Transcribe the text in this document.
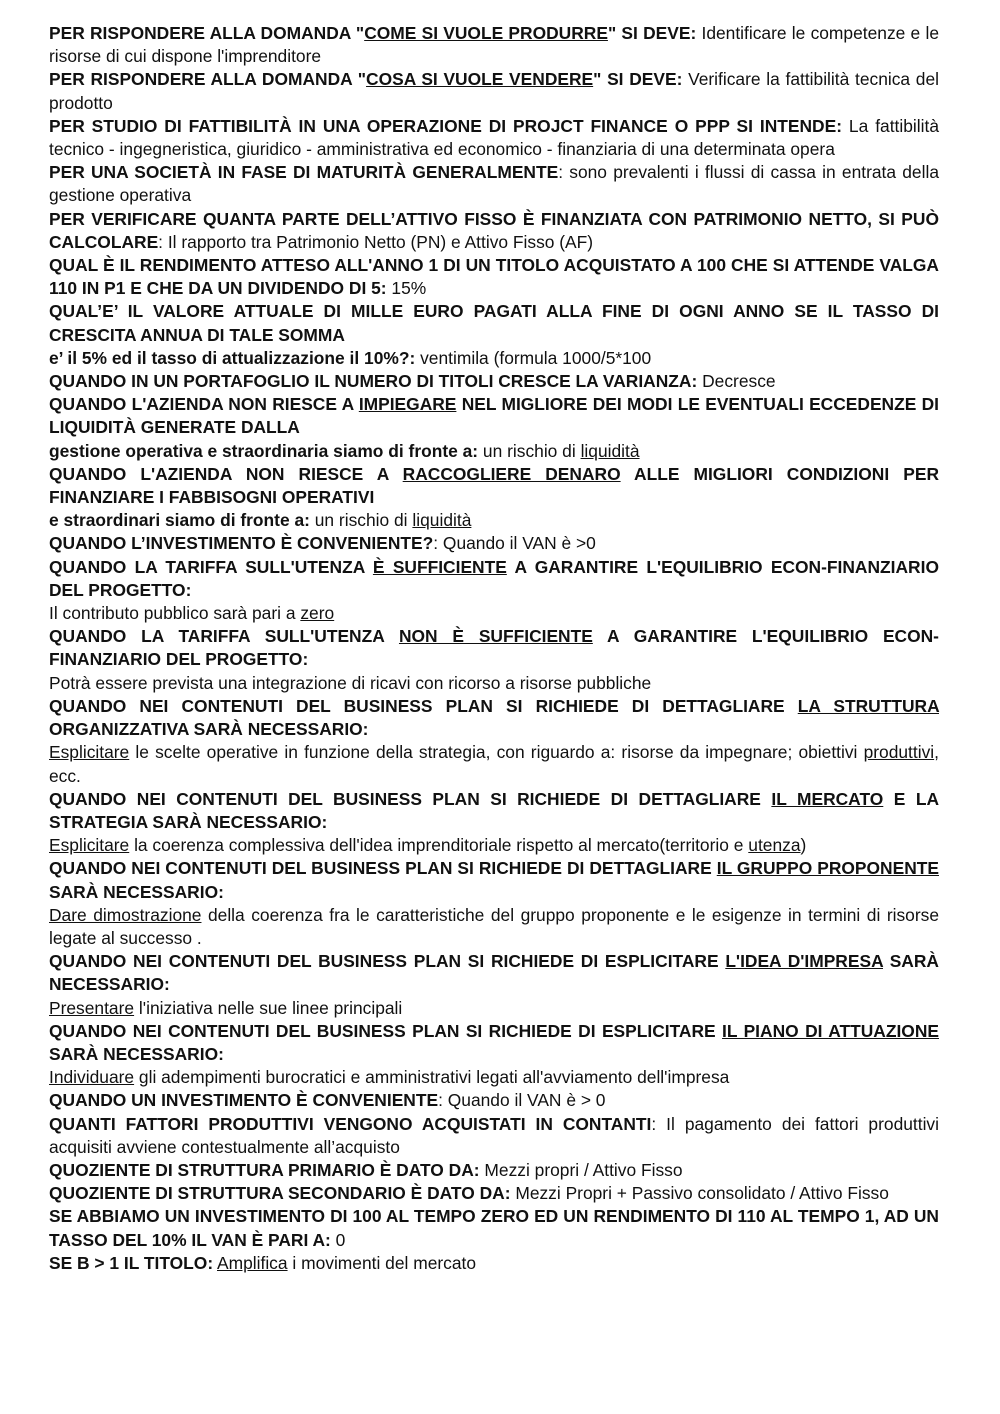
PER RISPONDERE ALLA DOMANDA "COME SI VUOLE PRODURRE" SI DEVE: Identificare le competenze e le risorse di cui dispone l'imprenditore

PER RISPONDERE ALLA DOMANDA "COSA SI VUOLE VENDERE" SI DEVE: Verificare la fattibilità tecnica del prodotto

PER STUDIO DI FATTIBILITÀ IN UNA OPERAZIONE DI PROJCT FINANCE O PPP SI INTENDE: La fattibilità tecnico - ingegneristica, giuridico - amministrativa ed economico - finanziaria di una determinata opera

PER UNA SOCIETÀ IN FASE DI MATURITÀ GENERALMENTE: sono prevalenti i flussi di cassa in entrata della gestione operativa

PER VERIFICARE QUANTA PARTE DELL’ATTIVO FISSO È FINANZIATA CON PATRIMONIO NETTO, SI PUÒ CALCOLARE: Il rapporto tra Patrimonio Netto (PN) e Attivo Fisso (AF)

QUAL È IL RENDIMENTO ATTESO ALL'ANNO 1 DI UN TITOLO ACQUISTATO A 100 CHE SI ATTENDE VALGA 110 IN P1 E CHE DA UN DIVIDENDO DI 5: 15%

QUAL’E’ IL VALORE ATTUALE DI MILLE EURO PAGATI ALLA FINE DI OGNI ANNO SE IL TASSO DI CRESCITA ANNUA DI TALE SOMMA

e’ il 5% ed il tasso di attualizzazione il 10%?: ventimila (formula 1000/5*100

QUANDO IN UN PORTAFOGLIO IL NUMERO DI TITOLI CRESCE LA VARIANZA: Decresce

QUANDO L'AZIENDA NON RIESCE A IMPIEGARE NEL MIGLIORE DEI MODI LE EVENTUALI ECCEDENZE DI LIQUIDITÀ GENERATE DALLA

gestione operativa e straordinaria siamo di fronte a: un rischio di liquidità

QUANDO L'AZIENDA NON RIESCE A RACCOGLIERE DENARO ALLE MIGLIORI CONDIZIONI PER FINANZIARE I FABBISOGNI OPERATIVI

e straordinari siamo di fronte a: un rischio di liquidità

QUANDO L’INVESTIMENTO È CONVENIENTE?: Quando il VAN è >0

QUANDO LA TARIFFA SULL'UTENZA È SUFFICIENTE A GARANTIRE L'EQUILIBRIO ECON-FINANZIARIO DEL PROGETTO:

Il contributo pubblico sarà pari a zero

QUANDO LA TARIFFA SULL'UTENZA NON È SUFFICIENTE A GARANTIRE L'EQUILIBRIO ECON-FINANZIARIO DEL PROGETTO:

Potrà essere prevista una integrazione di ricavi con ricorso a risorse pubbliche

QUANDO NEI CONTENUTI DEL BUSINESS PLAN SI RICHIEDE DI DETTAGLIARE LA STRUTTURA ORGANIZZATIVA SARÀ NECESSARIO:

Esplicitare le scelte operative in funzione della strategia, con riguardo a: risorse da impegnare; obiettivi produttivi, ecc.

QUANDO NEI CONTENUTI DEL BUSINESS PLAN SI RICHIEDE DI DETTAGLIARE IL MERCATO E LA STRATEGIA SARÀ NECESSARIO:

Esplicitare la coerenza complessiva dell'idea imprenditoriale rispetto al mercato(territorio e utenza)

QUANDO NEI CONTENUTI DEL BUSINESS PLAN SI RICHIEDE DI DETTAGLIARE IL GRUPPO PROPONENTE SARÀ NECESSARIO:

Dare dimostrazione della coerenza fra le caratteristiche del gruppo proponente e le esigenze in termini di risorse legate al successo .

QUANDO NEI CONTENUTI DEL BUSINESS PLAN SI RICHIEDE DI ESPLICITARE L'IDEA D'IMPRESA SARÀ NECESSARIO:

Presentare l'iniziativa nelle sue linee principali

QUANDO NEI CONTENUTI DEL BUSINESS PLAN SI RICHIEDE DI ESPLICITARE IL PIANO DI ATTUAZIONE SARÀ NECESSARIO:

Individuare gli adempimenti burocratici e amministrativi legati all'avviamento dell'impresa

QUANDO UN INVESTIMENTO È CONVENIENTE: Quando il VAN è > 0

QUANTI FATTORI PRODUTTIVI VENGONO ACQUISTATI IN CONTANTI: Il pagamento dei fattori produttivi acquisiti avviene contestualmente all’acquisto

QUOZIENTE DI STRUTTURA PRIMARIO È DATO DA: Mezzi propri / Attivo Fisso

QUOZIENTE DI STRUTTURA SECONDARIO È DATO DA: Mezzi Propri + Passivo consolidato / Attivo Fisso

SE ABBIAMO UN INVESTIMENTO DI 100 AL TEMPO ZERO ED UN RENDIMENTO DI 110 AL TEMPO 1, AD UN TASSO DEL 10% IL VAN È PARI A: 0

SE B > 1 IL TITOLO: Amplifica i movimenti del mercato
